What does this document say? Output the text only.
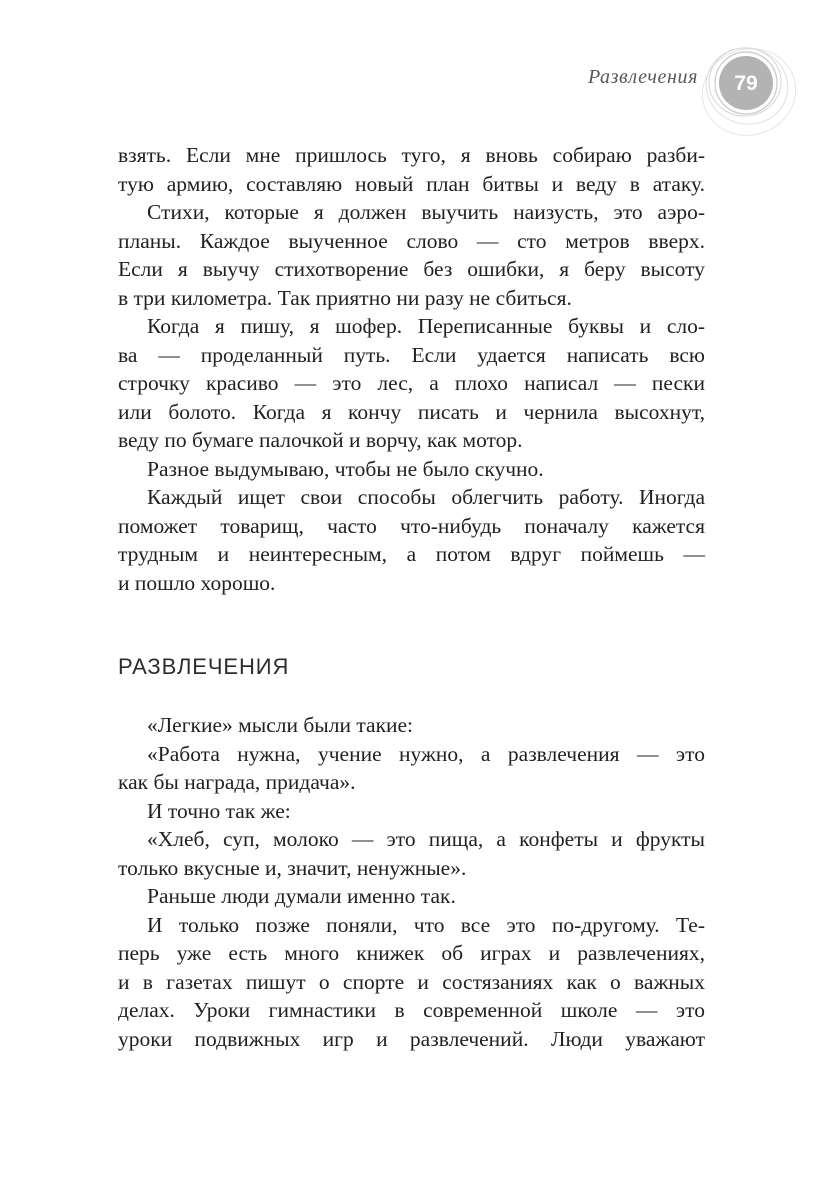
Развлечения	79
взять. Если мне пришлось туго, я вновь собираю разби-
тую армию, составляю новый план битвы и веду в атаку.
Стихи, которые я должен выучить наизусть, это аэро-
планы. Каждое выученное слово — сто метров вверх.
Если я выучу стихотворение без ошибки, я беру высоту
в три километра. Так приятно ни разу не сбиться.
Когда я пишу, я шофер. Переписанные буквы и сло-
ва — проделанный путь. Если удается написать всю
строчку красиво — это лес, а плохо написал — пески
или болото. Когда я кончу писать и чернила высохнут,
веду по бумаге палочкой и ворчу, как мотор.
Разное выдумываю, чтобы не было скучно.
Каждый ищет свои способы облегчить работу. Иногда
поможет товарищ, часто что-нибудь поначалу кажется
трудным и неинтересным, а потом вдруг поймешь —
и пошло хорошо.
РАЗВЛЕЧЕНИЯ
«Легкие» мысли были такие:
«Работа нужна, учение нужно, а развлечения — это
как бы награда, придача».
И точно так же:
«Хлеб, суп, молоко — это пища, а конфеты и фрукты
только вкусные и, значит, ненужные».
Раньше люди думали именно так.
И только позже поняли, что все это по-другому. Те-
перь уже есть много книжек об играх и развлечениях,
и в газетах пишут о спорте и состязаниях как о важных
делах. Уроки гимнастики в современной школе — это
уроки подвижных игр и развлечений. Люди уважают
